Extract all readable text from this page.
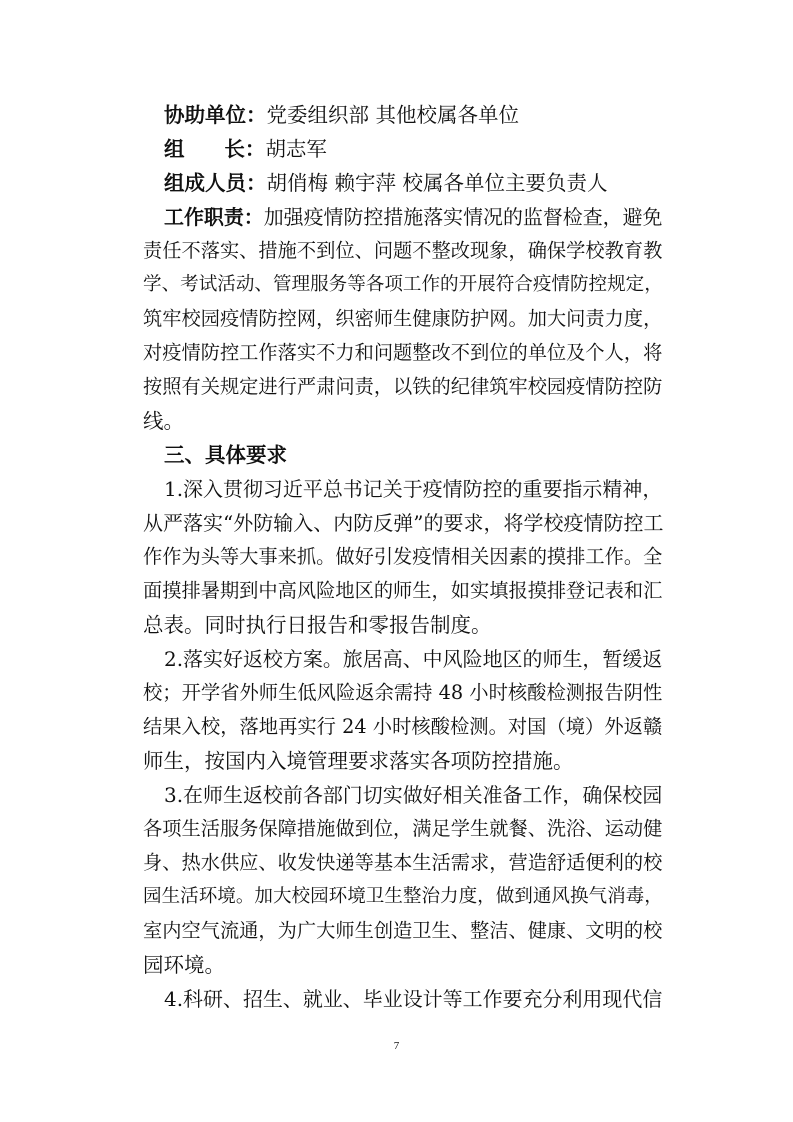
协助单位：党委组织部 其他校属各单位
组 长：胡志军
组成人员：胡俏梅 赖宇萍 校属各单位主要负责人
工作职责：加强疫情防控措施落实情况的监督检查，避免
责任不落实、措施不到位、问题不整改现象，确保学校教育教
学、考试活动、管理服务等各项工作的开展符合疫情防控规定，
筑牢校园疫情防控网，织密师生健康防护网。加大问责力度，
对疫情防控工作落实不力和问题整改不到位的单位及个人，将
按照有关规定进行严肃问责，以铁的纪律筑牢校园疫情防控防
线。
三、具体要求
1.深入贯彻习近平总书记关于疫情防控的重要指示精神，
从严落实“外防输入、内防反弹”的要求，将学校疫情防控工
作作为头等大事来抓。做好引发疫情相关因素的摸排工作。全
面摸排暑期到中高风险地区的师生，如实填报摸排登记表和汇
总表。同时执行日报告和零报告制度。
2.落实好返校方案。旅居高、中风险地区的师生，暂缓返
校；开学省外师生低风险返余需持 48 小时核酸检测报告阴性
结果入校，落地再实行 24 小时核酸检测。对国（境）外返赣
师生，按国内入境管理要求落实各项防控措施。
3.在师生返校前各部门切实做好相关准备工作，确保校园
各项生活服务保障措施做到位，满足学生就餐、洗浴、运动健
身、热水供应、收发快递等基本生活需求，营造舒适便利的校
园生活环境。加大校园环境卫生整治力度，做到通风换气消毒，
室内空气流通，为广大师生创造卫生、整洁、健康、文明的校
园环境。
4.科研、招生、就业、毕业设计等工作要充分利用现代信
7
